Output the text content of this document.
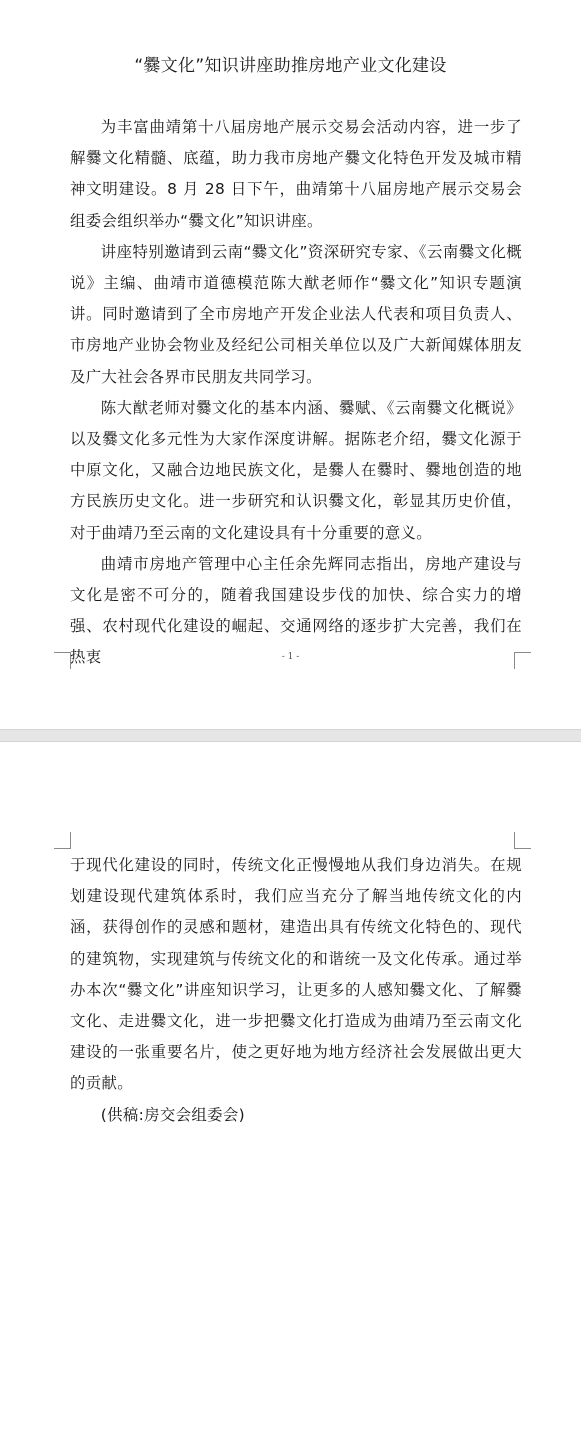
“爨文化”知识讲座助推房地产业文化建设

为丰富曲靖第十八届房地产展示交易会活动内容，进一步了解爨文化精髓、底蕴，助力我市房地产爨文化特色开发及城市精神文明建设。8 月 28 日下午，曲靖第十八届房地产展示交易会组委会组织举办“爨文化”知识讲座。

讲座特别邀请到云南“爨文化”资深研究专家、《云南爨文化概说》主编、曲靖市道德模范陈大猷老师作“爨文化”知识专题演讲。同时邀请到了全市房地产开发企业法人代表和项目负责人、市房地产业协会物业及经纪公司相关单位以及广大新闻媒体朋友及广大社会各界市民朋友共同学习。

陈大猷老师对爨文化的基本内涵、爨赋、《云南爨文化概说》以及爨文化多元性为大家作深度讲解。据陈老介绍，爨文化源于中原文化，又融合边地民族文化，是爨人在爨时、爨地创造的地方民族历史文化。进一步研究和认识爨文化，彰显其历史价值，对于曲靖乃至云南的文化建设具有十分重要的意义。

曲靖市房地产管理中心主任余先辉同志指出，房地产建设与文化是密不可分的，随着我国建设步伐的加快、综合实力的增强、农村现代化建设的崛起、交通网络的逐步扩大完善，我们在热衷	- 1 -

于现代化建设的同时，传统文化正慢慢地从我们身边消失。在规划建设现代建筑体系时，我们应当充分了解当地传统文化的内涵，获得创作的灵感和题材，建造出具有传统文化特色的、现代的建筑物，实现建筑与传统文化的和谐统一及文化传承。通过举办本次“爨文化”讲座知识学习，让更多的人感知爨文化、了解爨文化、走进爨文化，进一步把爨文化打造成为曲靖乃至云南文化建设的一张重要名片，使之更好地为地方经济社会发展做出更大的贡献。

(供稿:房交会组委会)
